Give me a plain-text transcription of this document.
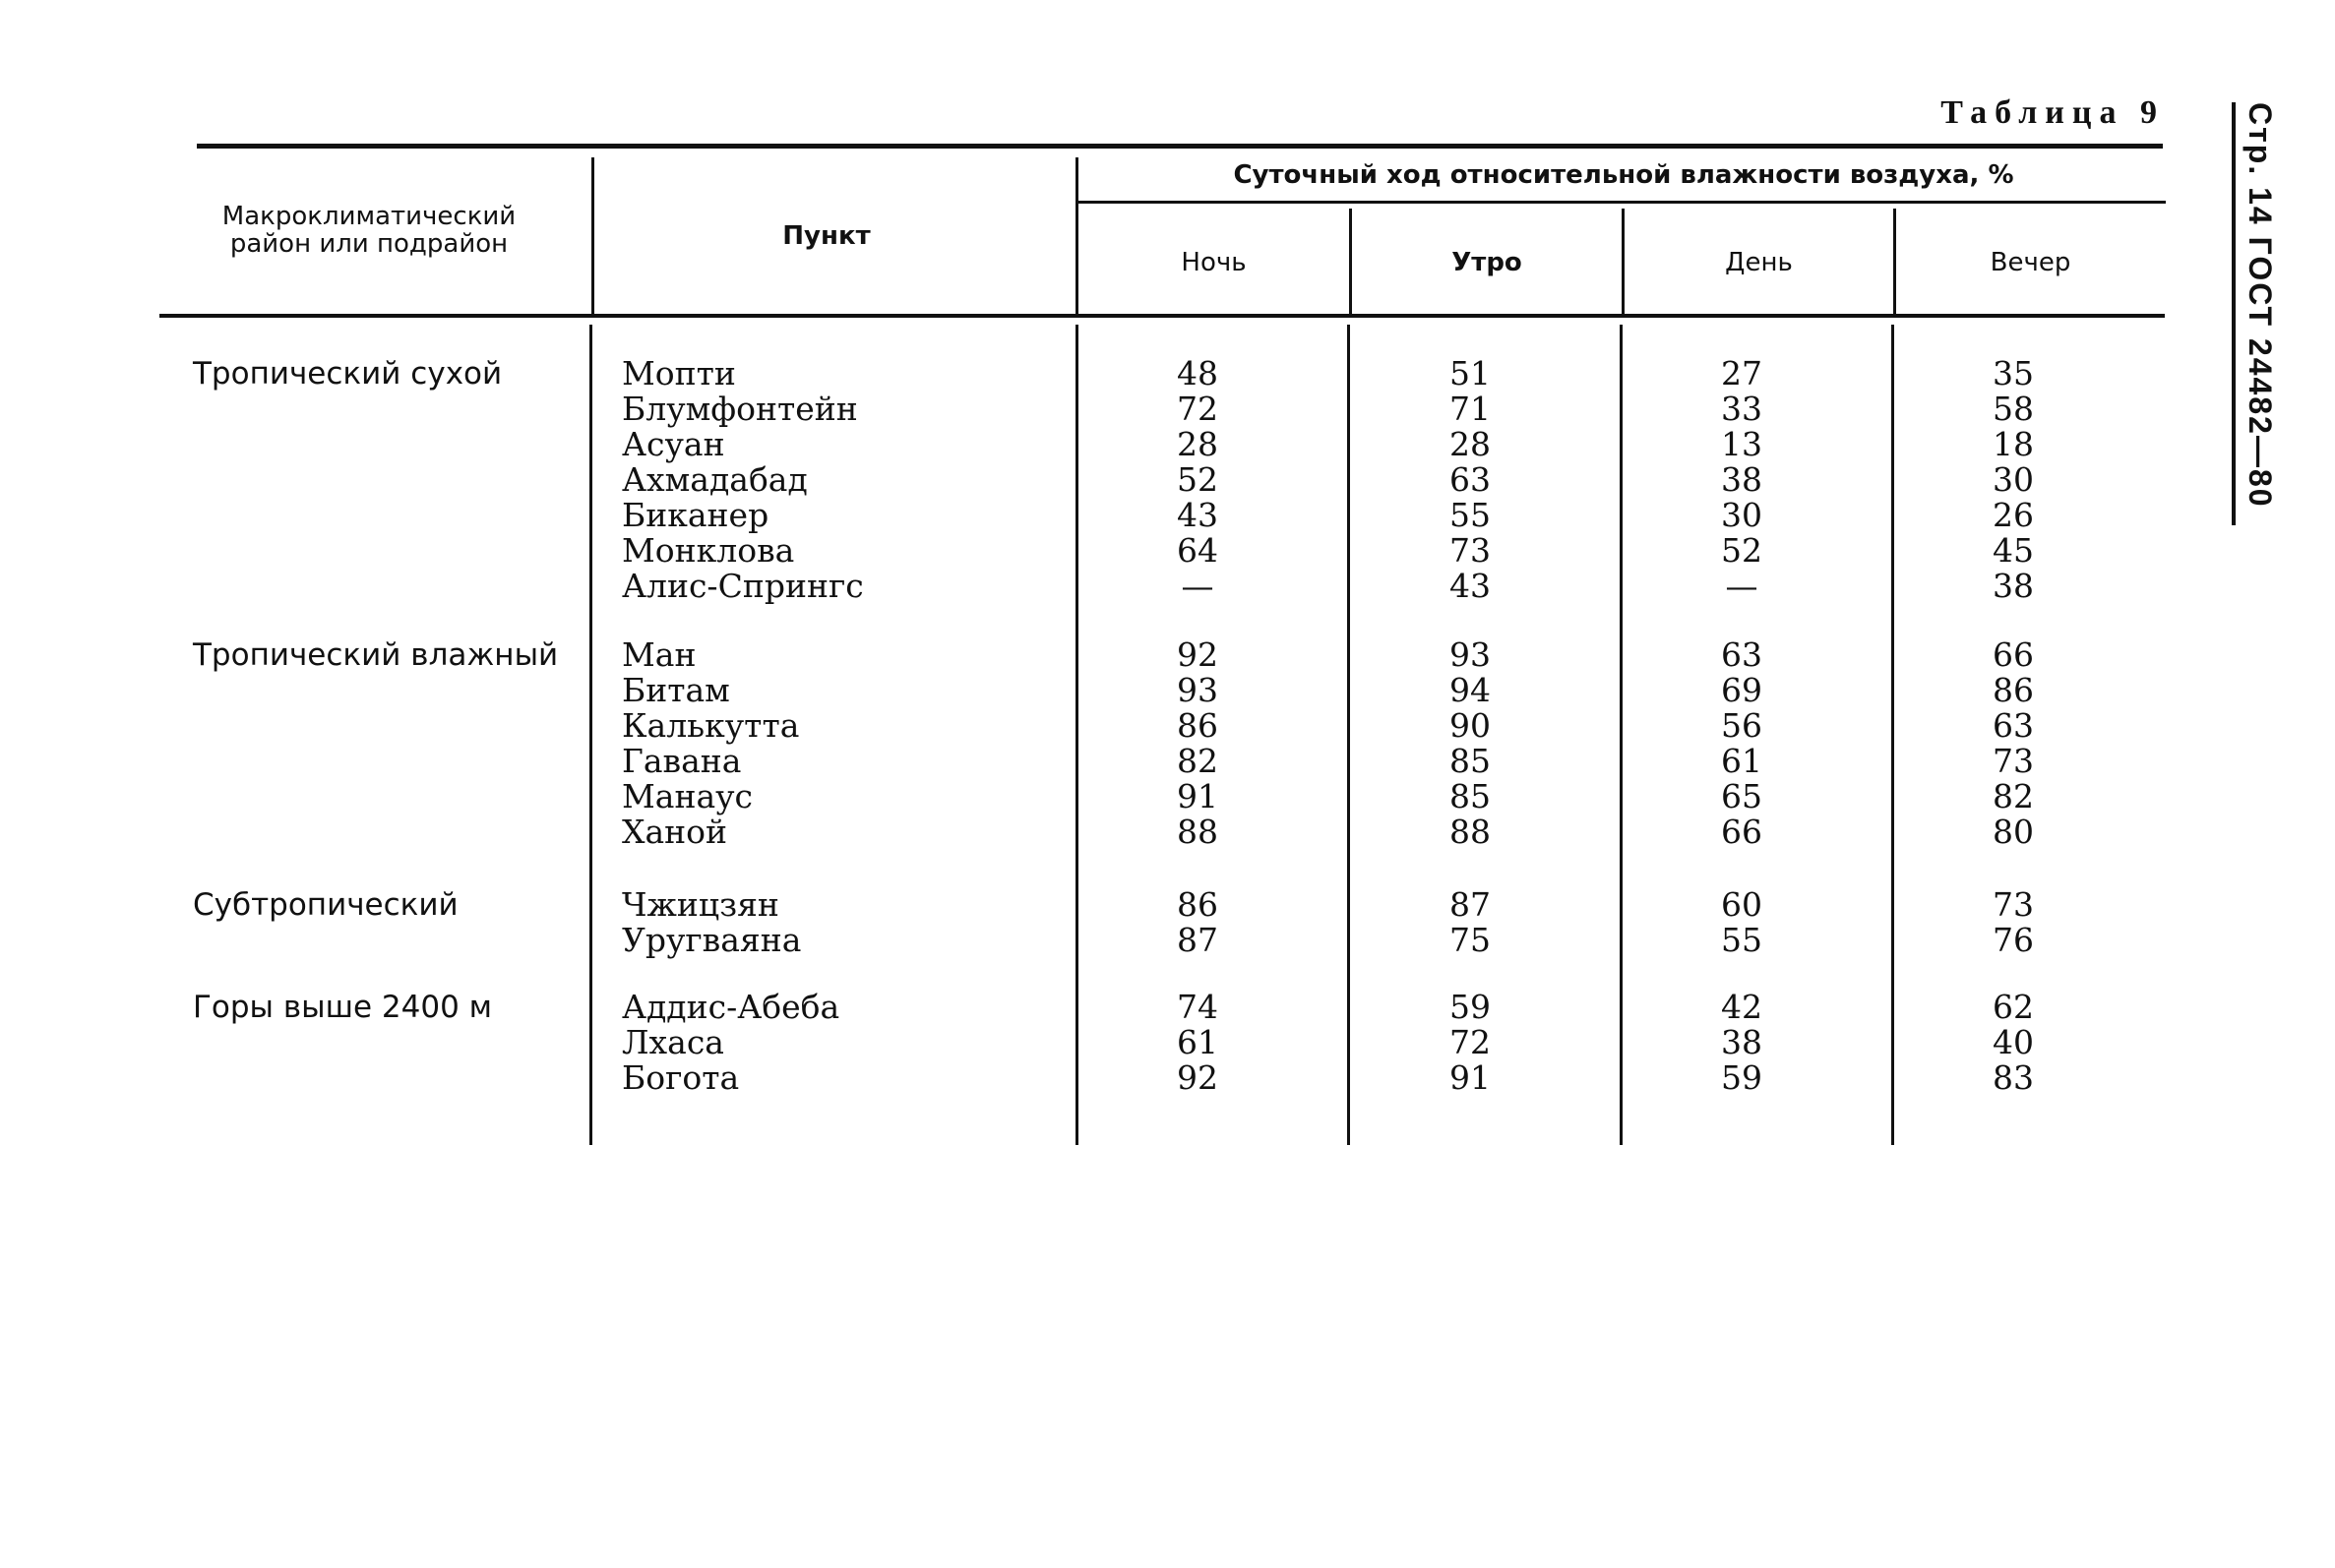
Таблица 9 Стр. 14 ГОСТ 24482—80
Макроклиматический район или подрайон	Пункт
Суточный ход относительной влажности воздуха, %
Ночь	Утро	День	Вечер
Тропический сухой	Мопти	48	51	27	35
Блумфонтейн	72	71	33	58
Асуан	28	28	13	18
Ахмадабад	52	63	38	30
Биканер	43	55	30	26
Монклова	64	73	52	45
Алис-Спрингс	—	43	—	38
Тропический влажный	Ман	92	93	63	66
Битам	93	94	69	86
Калькутта	86	90	56	63
Гавана	82	85	61	73
Манаус	91	85	65	82
Ханой	88	88	66	80
Субтропический	Чжицзян	86	87	60	73
Уругваяна	87	75	55	76
Горы выше 2400 м	Аддис-Абеба	74	59	42	62
Лхаса	61	72	38	40
Богота	92	91	59	83
